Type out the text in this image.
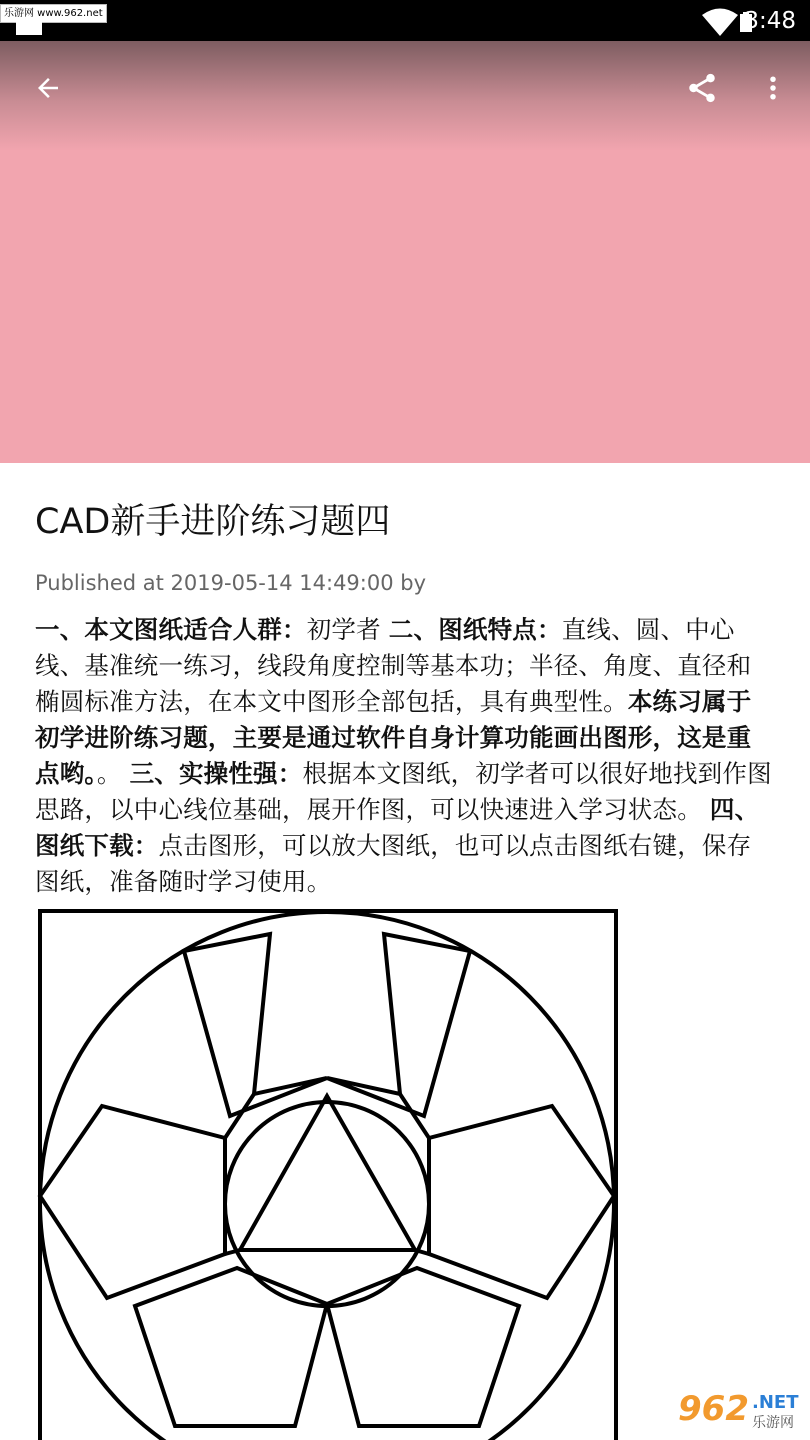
乐游网 www.962.net	3:48
CAD新手进阶练习题四
Published at 2019-05-14 14:49:00 by
一、本文图纸适合人群：初学者 二、图纸特点：直线、圆、中心线、基准统一练习，线段角度控制等基本功；半径、角度、直径和椭圆标准方法，在本文中图形全部包括，具有典型性。本练习属于初学进阶练习题，主要是通过软件自身计算功能画出图形，这是重点哟。。 三、实操性强：根据本文图纸，初学者可以很好地找到作图思路，以中心线位基础，展开作图，可以快速进入学习状态。 四、图纸下载：点击图形，可以放大图纸，也可以点击图纸右键，保存图纸，准备随时学习使用。
962 .NET
乐游网
